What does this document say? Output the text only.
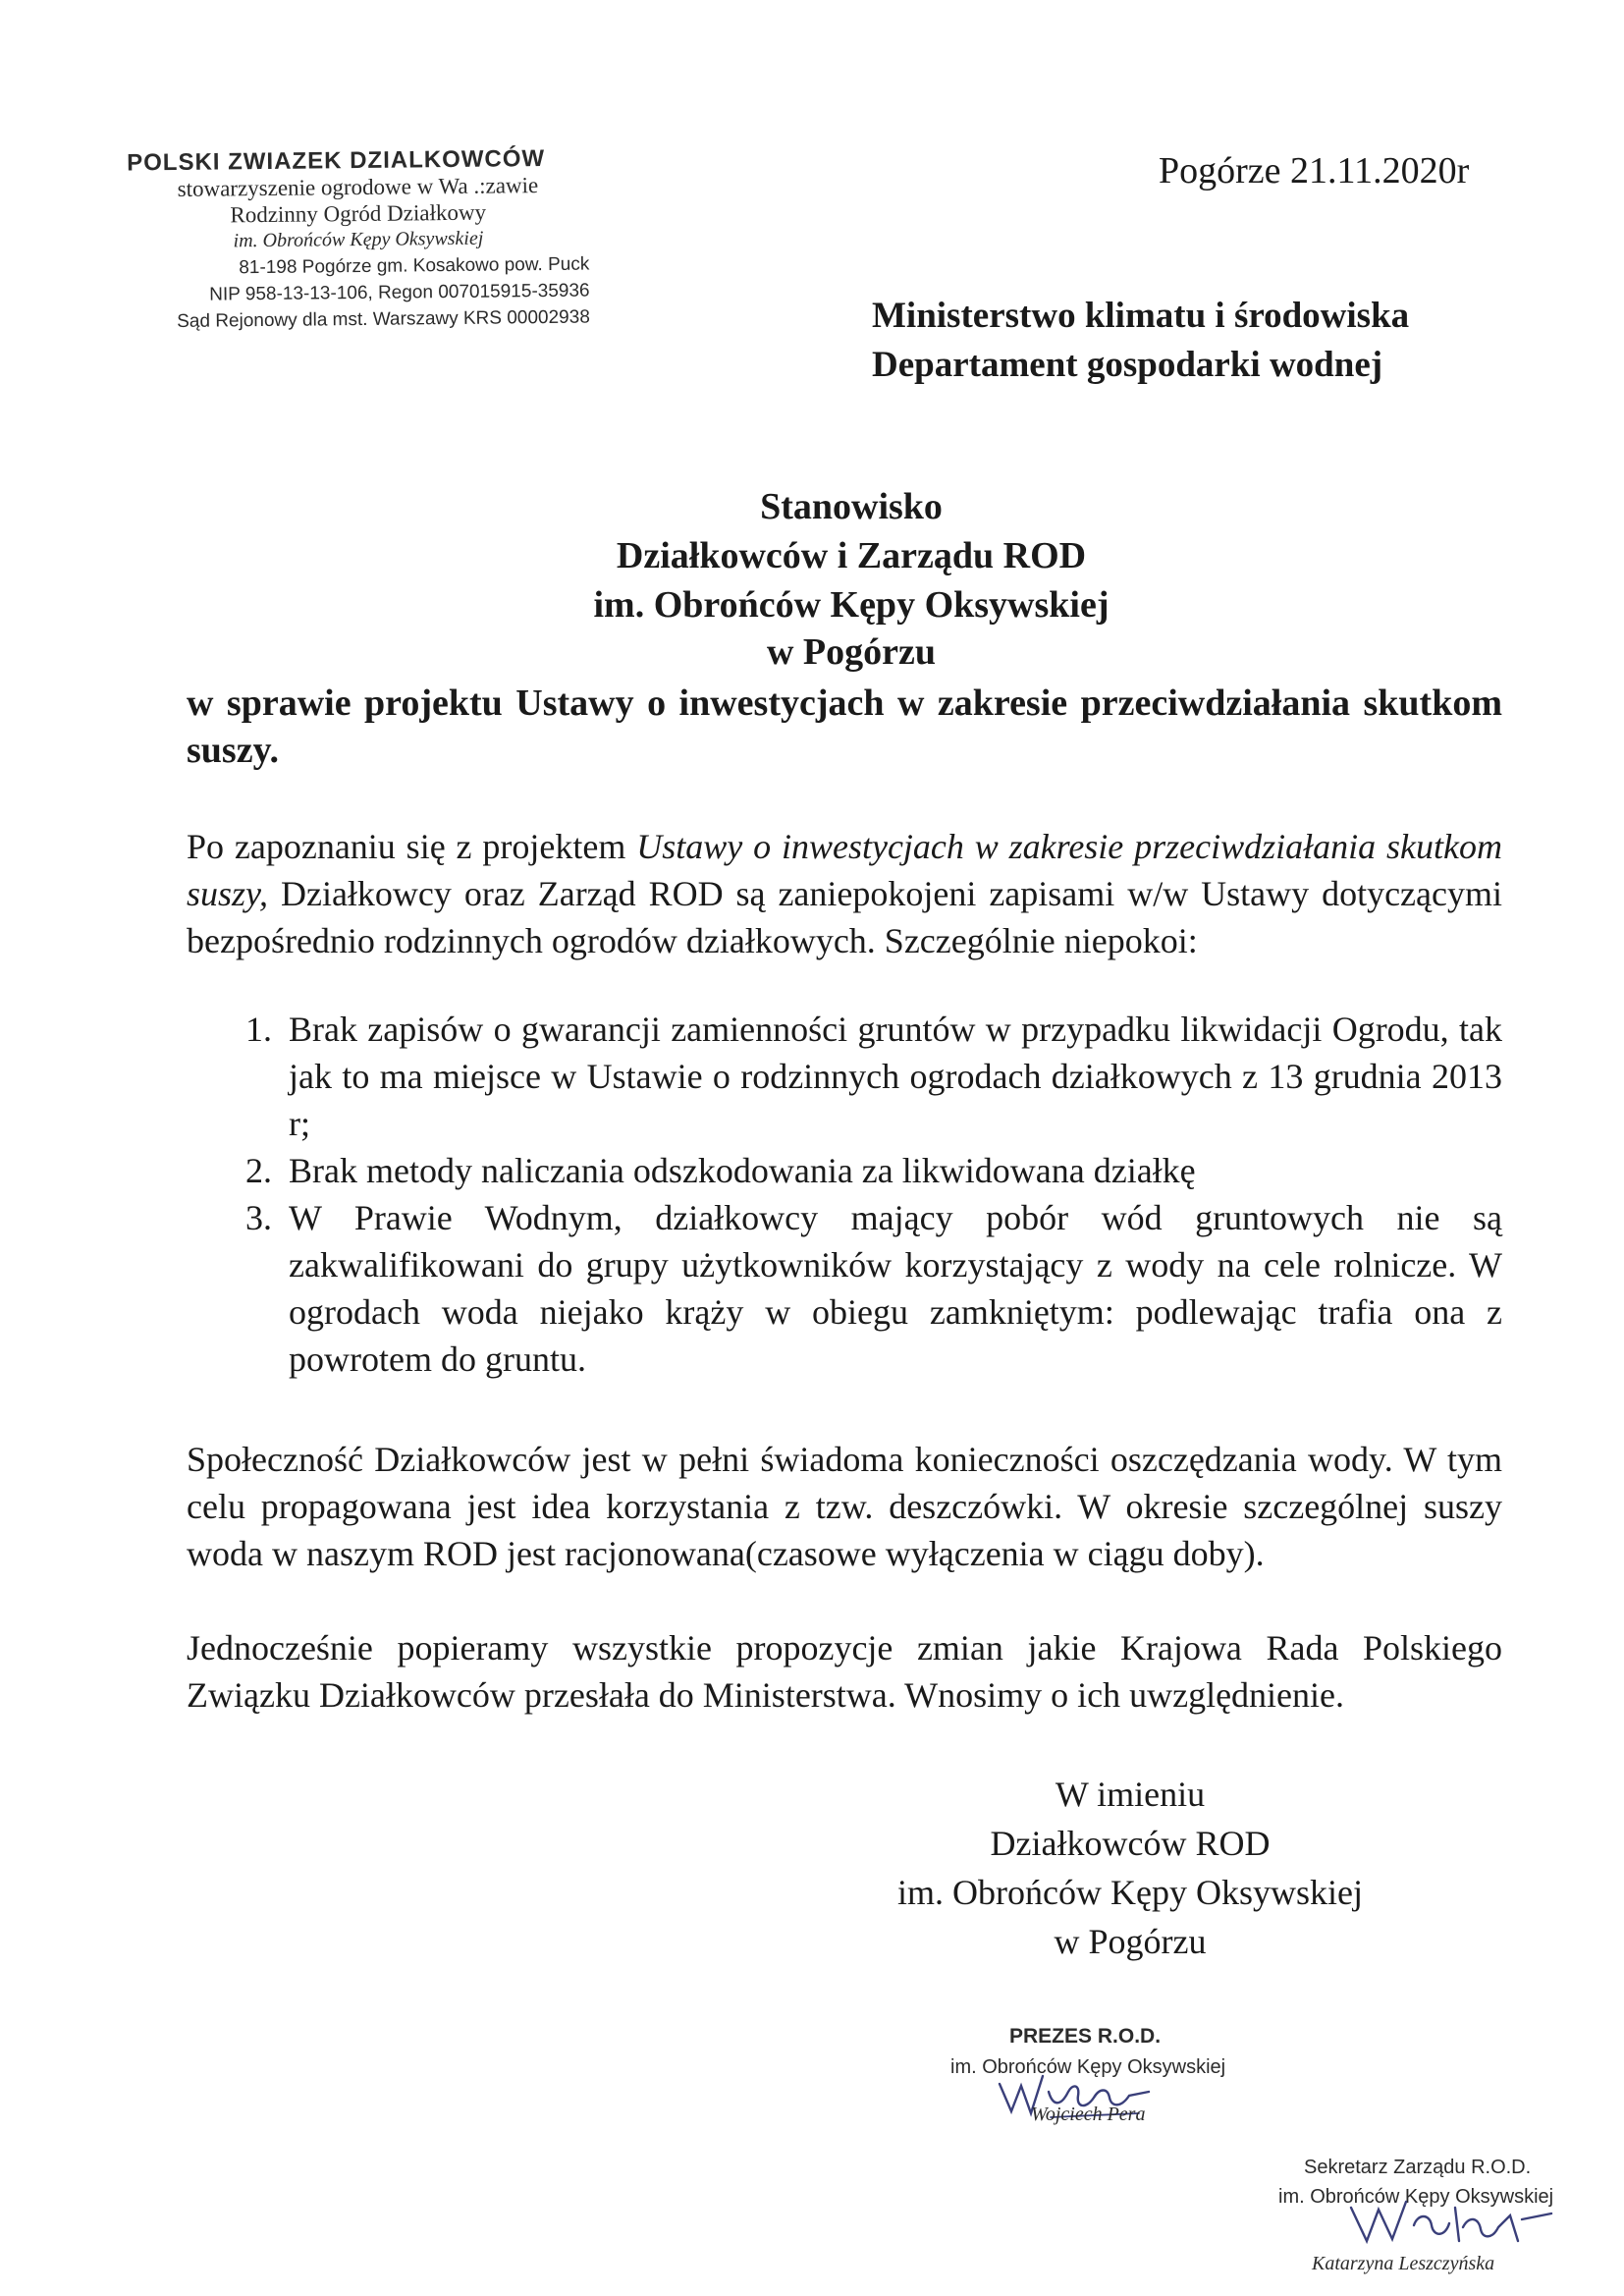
POLSKI ZWIAZEK DZIALKOWCÓW
stowarzyszenie ogrodowe w Wa .:zawie
Rodzinny Ogród Działkowy
im. Obrońców Kępy Oksywskiej
81-198 Pogórze gm. Kosakowo pow. Puck
NIP 958-13-13-106, Regon 007015915-35936
Sąd Rejonowy dla mst. Warszawy KRS 00002938
Pogórze 21.11.2020r
Ministerstwo klimatu i środowiska
Departament gospodarki wodnej
Stanowisko
Działkowców i Zarządu ROD
im. Obrońców Kępy Oksywskiej
w Pogórzu
w sprawie projektu Ustawy o inwestycjach w zakresie przeciwdziałania skutkom suszy.
Po zapoznaniu się z projektem Ustawy o inwestycjach w zakresie przeciwdziałania skutkom suszy, Działkowcy oraz Zarząd ROD są zaniepokojeni zapisami w/w Ustawy dotyczącymi bezpośrednio rodzinnych ogrodów działkowych. Szczególnie niepokoi:
1. Brak zapisów o gwarancji zamienności gruntów w przypadku likwidacji Ogrodu, tak jak to ma miejsce w Ustawie o rodzinnych ogrodach działkowych z 13 grudnia 2013 r;
2. Brak metody naliczania odszkodowania za likwidowana działkę
3. W Prawie Wodnym, działkowcy mający pobór wód gruntowych nie są zakwalifikowani do grupy użytkowników korzystający z wody na cele rolnicze. W ogrodach woda niejako krąży w obiegu zamkniętym: podlewając trafia ona z powrotem do gruntu.
Społeczność Działkowców jest w pełni świadoma konieczności oszczędzania wody. W tym celu propagowana jest idea korzystania z tzw. deszczówki. W okresie szczególnej suszy woda w naszym ROD jest racjonowana(czasowe wyłączenia w ciągu doby).
Jednocześnie popieramy wszystkie propozycje zmian jakie Krajowa Rada Polskiego Związku Działkowców przesłała do Ministerstwa. Wnosimy o ich uwzględnienie.
W imieniu
Działkowców ROD
im. Obrońców Kępy Oksywskiej
w Pogórzu
PREZES R.O.D.
im. Obrońców Kępy Oksywskiej
Wojciech Pera
Sekretarz Zarządu R.O.D.
im. Obrońców Kępy Oksywskiej
Katarzyna Leszczyńska
